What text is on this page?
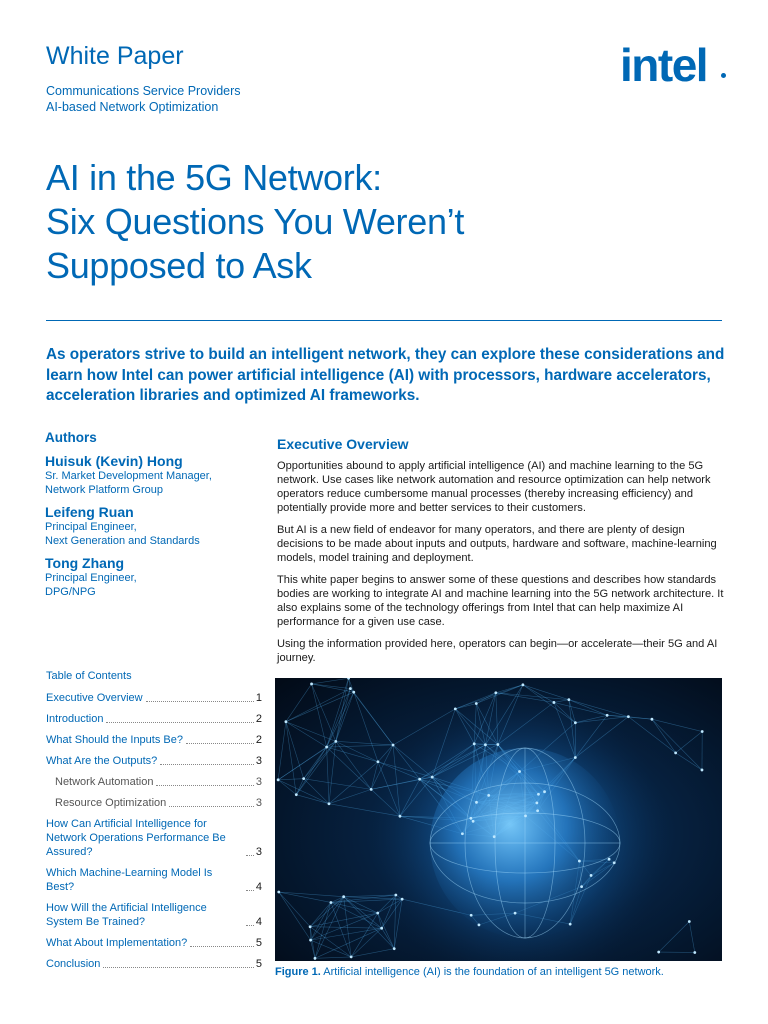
White Paper
Communications Service Providers
AI-based Network Optimization
intel
AI in the 5G Network:
Six Questions You Weren’t
Supposed to Ask

As operators strive to build an intelligent network, they can explore these considerations and learn how Intel can power artificial intelligence (AI) with processors, hardware accelerators, acceleration libraries and optimized AI frameworks.

Authors
Huisuk (Kevin) Hong
Sr. Market Development Manager,
Network Platform Group
Leifeng Ruan
Principal Engineer,
Next Generation and Standards
Tong Zhang
Principal Engineer,
DPG/NPG
Table of Contents
Executive Overview	1
Introduction	2
What Should the Inputs Be?	2
What Are the Outputs?	3
Network Automation	3
Resource Optimization	3
How Can Artificial Intelligence for Network Operations Performance Be Assured?	3
Which Machine-Learning Model Is Best?	4
How Will the Artificial Intelligence System Be Trained?	4
What About Implementation?	5
Conclusion	5
Executive Overview

Opportunities abound to apply artificial intelligence (AI) and machine learning to the 5G network. Use cases like network automation and resource optimization can help network operators reduce cumbersome manual processes (thereby increasing efficiency) and potentially provide more and better services to their customers.

But AI is a new field of endeavor for many operators, and there are plenty of design decisions to be made about inputs and outputs, hardware and software, machine-learning models, model training and deployment.

This white paper begins to answer some of these questions and describes how standards bodies are working to integrate AI and machine learning into the 5G network architecture. It also explains some of the technology offerings from Intel that can help maximize AI performance for a given use case.

Using the information provided here, operators can begin—or accelerate—their 5G and AI journey.

Figure 1. Artificial intelligence (AI) is the foundation of an intelligent 5G network.
